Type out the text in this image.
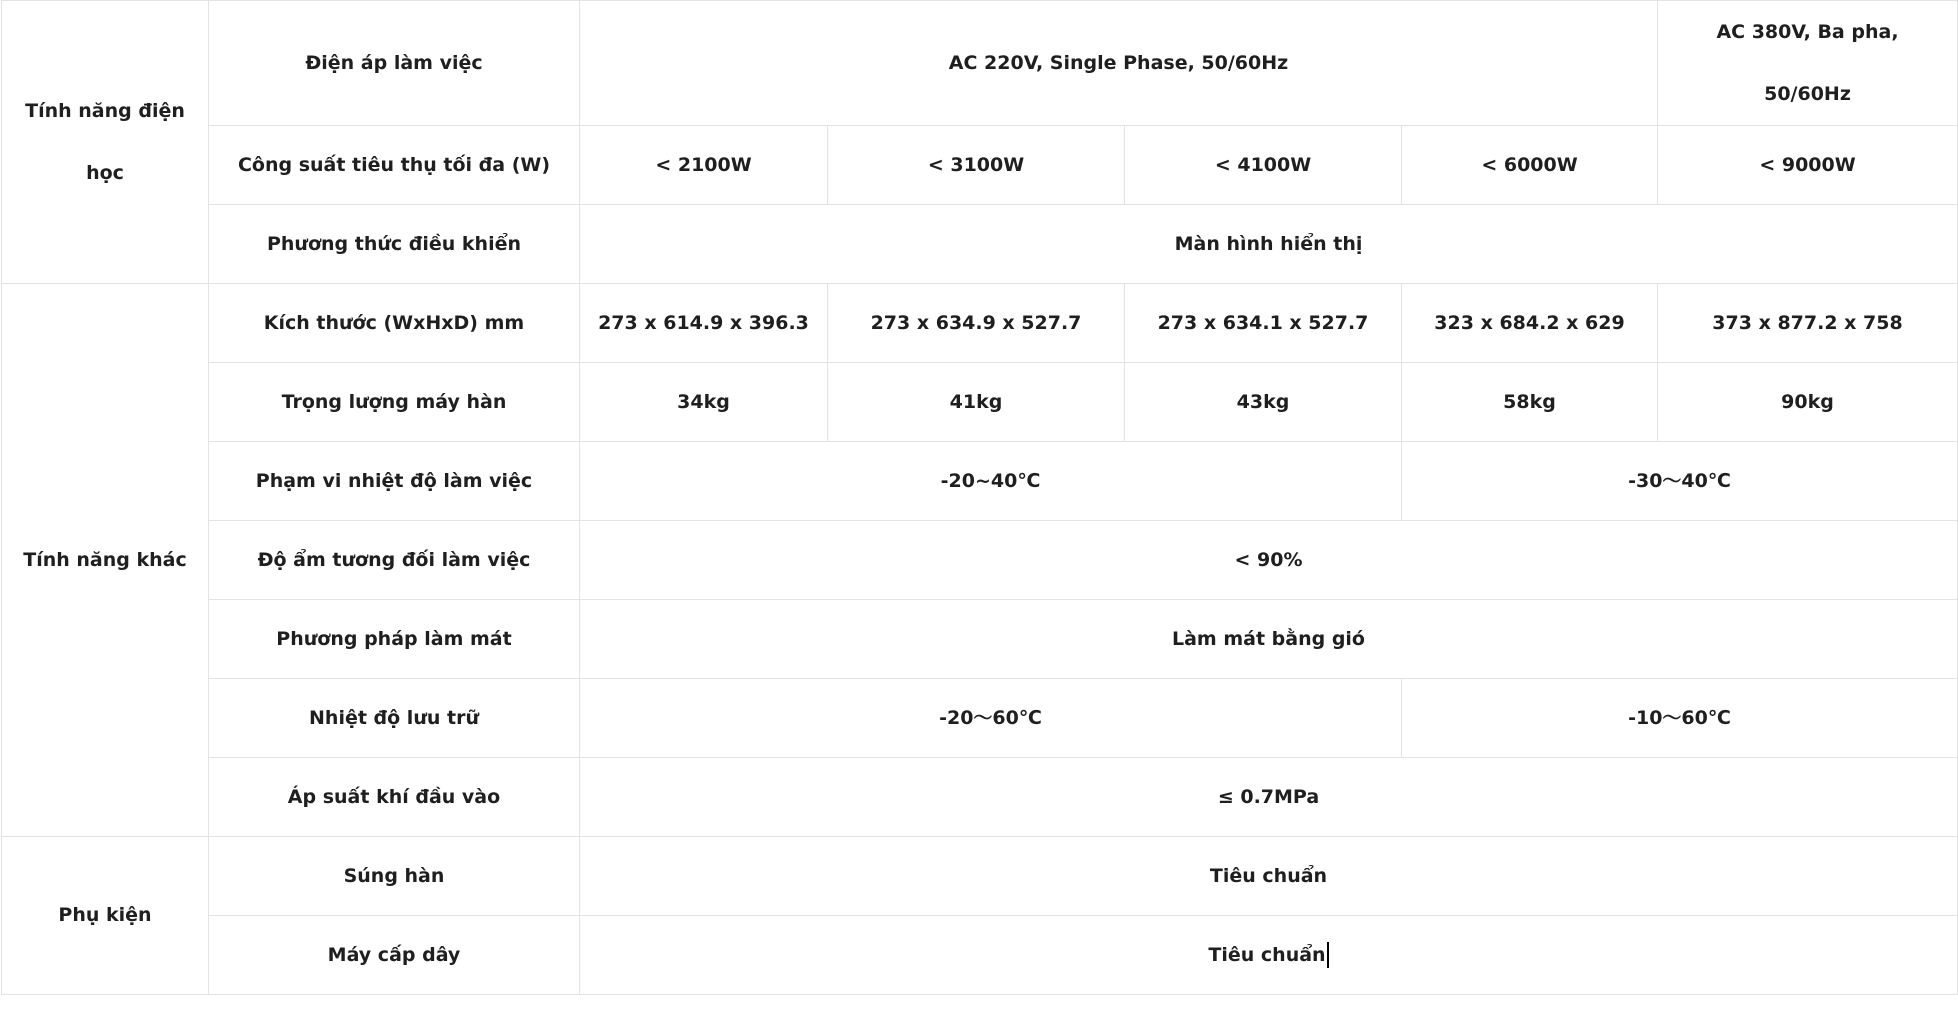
Tính năng điện học	Điện áp làm việc	AC 220V, Single Phase, 50/60Hz				AC 380V, Ba pha, 50/60Hz
	Công suất tiêu thụ tối đa (W)	< 2100W	< 3100W	< 4100W	< 6000W	< 9000W
	Phương thức điều khiển	Màn hình hiển thị				
Tính năng khác	Kích thước (WxHxD) mm	273 x 614.9 x 396.3	273 x 634.9 x 527.7	273 x 634.1 x 527.7	323 x 684.2 x 629	373 x 877.2 x 758
	Trọng lượng máy hàn	34kg	41kg	43kg	58kg	90kg
	Phạm vi nhiệt độ làm việc	-20~40℃			-30～40℃	
	Độ ẩm tương đối làm việc	< 90%				
	Phương pháp làm mát	Làm mát bằng gió				
	Nhiệt độ lưu trữ	-20～60℃			-10～60℃	
	Áp suất khí đầu vào	≤ 0.7MPa				
Phụ kiện	Súng hàn	Tiêu chuẩn				
	Máy cấp dây	Tiêu chuẩn				
